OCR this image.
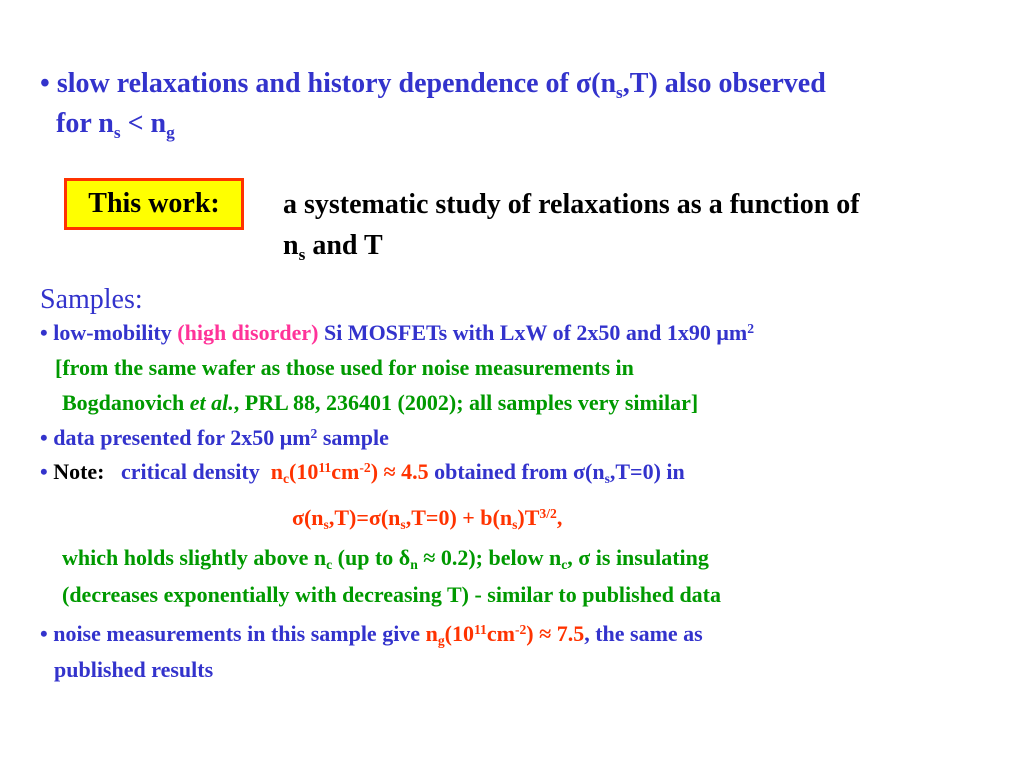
• slow relaxations and history dependence of $\sigma(n_s,T)$ also observed
for $n_s < n_g$
This work: a systematic study of relaxations as a function of
$n_s$ and T
Samples:
• low-mobility (high disorder) Si MOSFETs with LxW of 2x50 and 1x90 $\mu m^2$
[from the same wafer as those used for noise measurements in
Bogdanovich et al., PRL 88, 236401 (2002); all samples very similar]
• data presented for 2x50 $\mu m^2$ sample
• Note: critical density  $n_c(10^{11}cm^{-2}) \approx 4.5$ obtained from $\sigma(n_s,T=0)$ in
$\sigma(n_s,T)=\sigma(n_s,T=0) + b(n_s)T^{3/2}$,
which holds slightly above $n_c$ (up to $\delta_n \approx 0.2$); below $n_c$, σ is insulating
(decreases exponentially with decreasing T) - similar to published data
• noise measurements in this sample give $n_g(10^{11}cm^{-2}) \approx 7.5$, the same as
published results
